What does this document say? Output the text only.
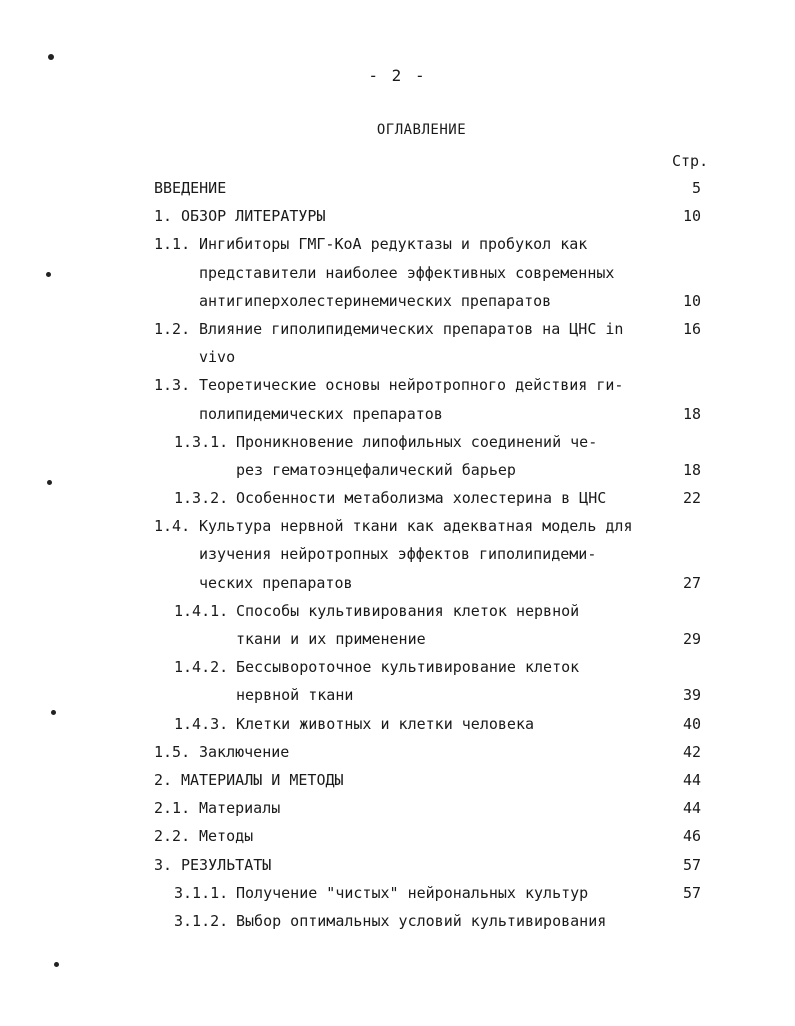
- 2 -
ОГЛАВЛЕНИЕ
Стр.
ВВЕДЕНИЕ	5
1. ОБЗОР ЛИТЕРАТУРЫ	10
1.1. Ингибиторы ГМГ-КоА редуктазы и пробукол как
представители наиболее эффективных современных
антигиперхолестеринемических препаратов	10
1.2. Влияние гиполипидемических препаратов на ЦНС in	16
vivo
1.3. Теоретические основы нейротропного действия ги-
полипидемических препаратов	18
1.3.1. Проникновение липофильных соединений че-
рез гематоэнцефалический барьер	18
1.3.2. Особенности метаболизма холестерина в ЦНС	22
1.4. Культура нервной ткани как адекватная модель для
изучения нейротропных эффектов гиполипидеми-
ческих препаратов	27
1.4.1. Способы культивирования клеток нервной
ткани и их применение	29
1.4.2. Бессывороточное культивирование клеток
нервной ткани	39
1.4.3. Клетки животных и клетки человека	40
1.5. Заключение	42
2. МАТЕРИАЛЫ И МЕТОДЫ	44
2.1. Материалы	44
2.2. Методы	46
3. РЕЗУЛЬТАТЫ	57
3.1.1. Получение "чистых" нейрональных культур	57
3.1.2. Выбор оптимальных условий культивирования
